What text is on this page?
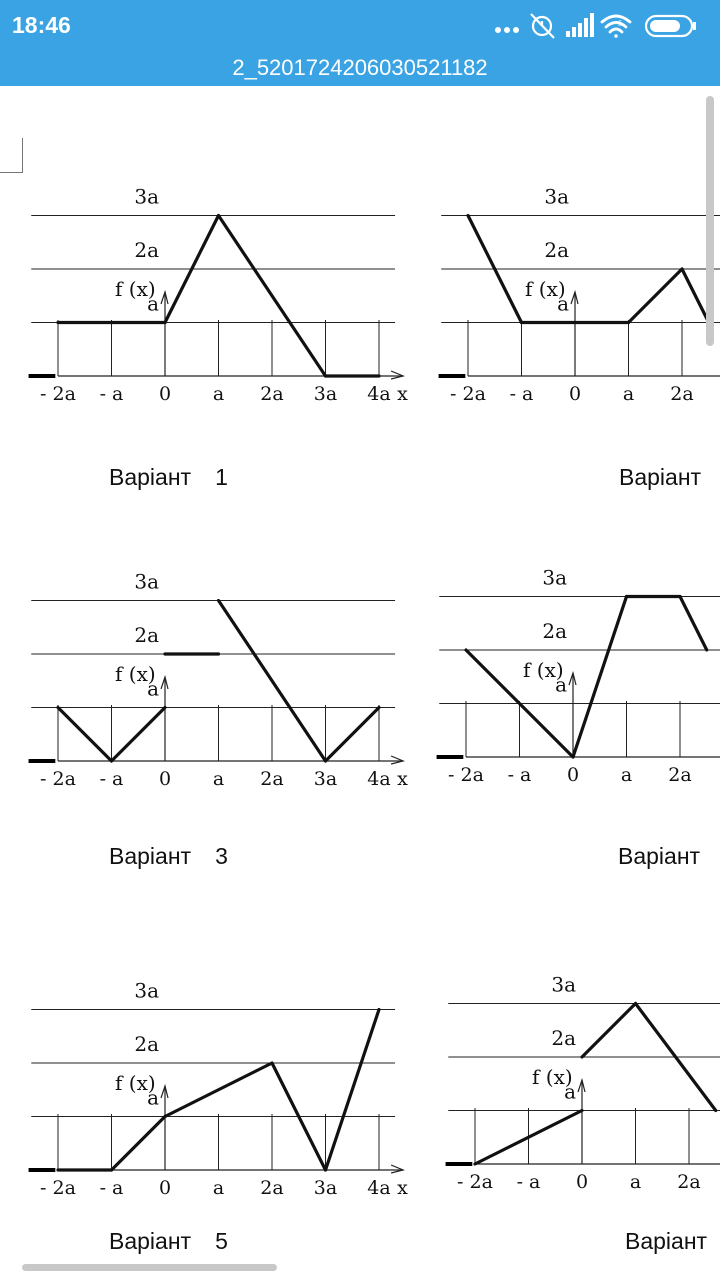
18:46	5
2_5201724206030521182
f (x)
a
2a
3a
- 2a - a 0 a 2a 3a 4a x
f (x)
a
2a
3a
- 2a - a 0 a 2a
f (x)
a
2a
3a
- 2a - a 0 a 2a 3a 4a x
f (x)
a
2a
3a
- 2a - a 0 a 2a
f (x)
a
2a
3a
- 2a - a 0 a 2a 3a 4a x
f (x)
a
2a
3a
- 2a - a 0 a 2a
Варіант 1	Варіант
Варіант 3	Варіант
Варіант 5	Варіант
